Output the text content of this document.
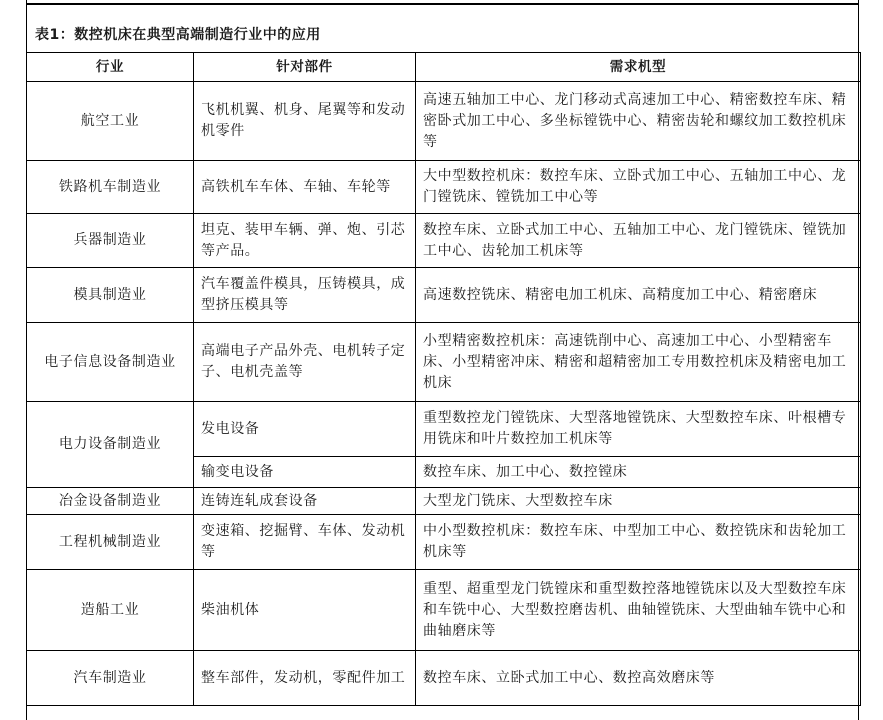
表1：数控机床在典型高端制造行业中的应用
行业	针对部件	需求机型
航空工业	飞机机翼、机身、尾翼等和发动机零件	高速五轴加工中心、龙门移动式高速加工中心、精密数控车床、精密卧式加工中心、多坐标镗铣中心、精密齿轮和螺纹加工数控机床等
铁路机车制造业	高铁机车车体、车轴、车轮等	大中型数控机床：数控车床、立卧式加工中心、五轴加工中心、龙门镗铣床、镗铣加工中心等
兵器制造业	坦克、装甲车辆、弹、炮、引芯等产品。	数控车床、立卧式加工中心、五轴加工中心、龙门镗铣床、镗铣加工中心、齿轮加工机床等
模具制造业	汽车覆盖件模具，压铸模具，成型挤压模具等	高速数控铣床、精密电加工机床、高精度加工中心、精密磨床
电子信息设备制造业	高端电子产品外壳、电机转子定子、电机壳盖等	小型精密数控机床：高速铣削中心、高速加工中心、小型精密车床、小型精密冲床、精密和超精密加工专用数控机床及精密电加工机床
电力设备制造业	发电设备	重型数控龙门镗铣床、大型落地镗铣床、大型数控车床、叶根槽专用铣床和叶片数控加工机床等
	输变电设备	数控车床、加工中心、数控镗床
冶金设备制造业	连铸连轧成套设备	大型龙门铣床、大型数控车床
工程机械制造业	变速箱、挖掘臂、车体、发动机等	中小型数控机床：数控车床、中型加工中心、数控铣床和齿轮加工机床等
造船工业	柴油机体	重型、超重型龙门铣镗床和重型数控落地镗铣床以及大型数控车床和车铣中心、大型数控磨齿机、曲轴镗铣床、大型曲轴车铣中心和曲轴磨床等
汽车制造业	整车部件，发动机，零配件加工	数控车床、立卧式加工中心、数控高效磨床等
